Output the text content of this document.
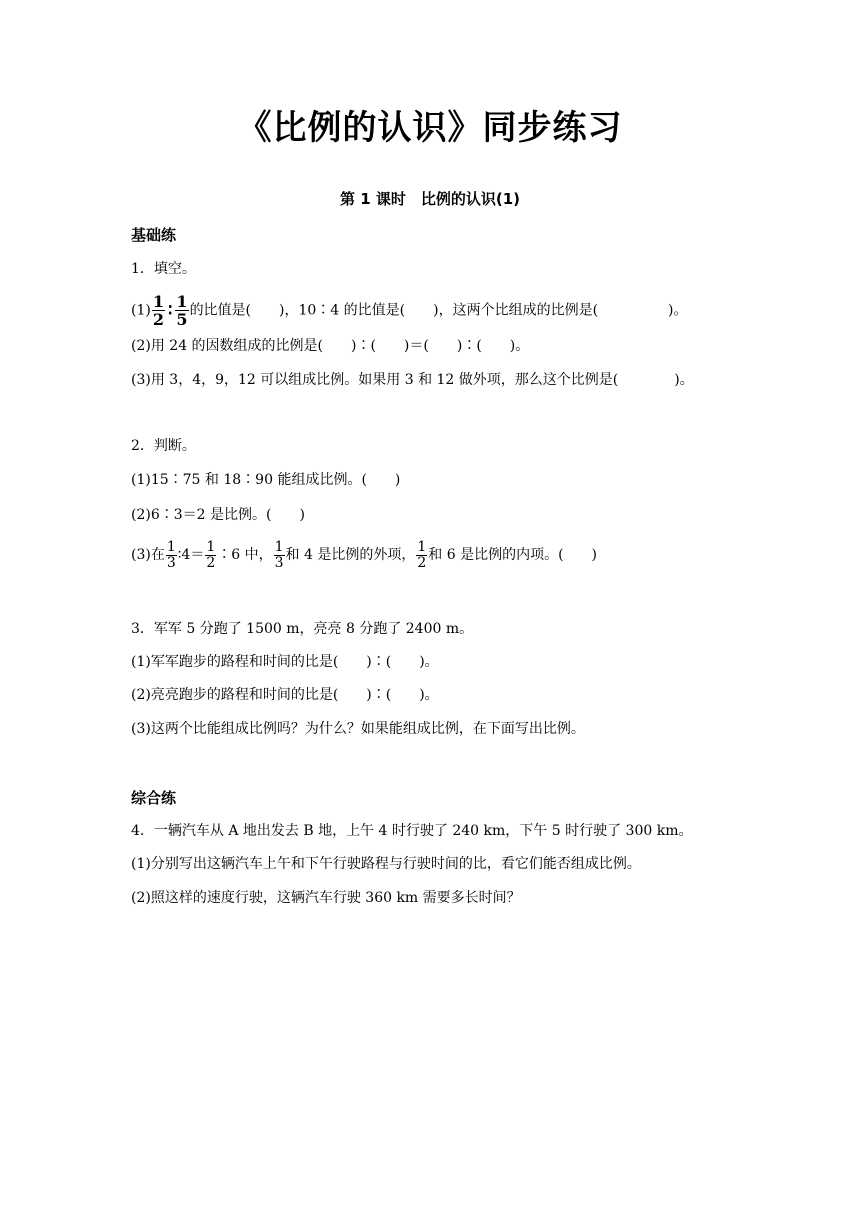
《比例的认识》同步练习

第 1 课时　比例的认识(1)

基础练

1．填空。

$(1) \frac{1}{2}$ ∶ $\frac{1}{5}$ 的比值是(　　)，10∶4 的比值是(　　)，这两个比组成的比例是(　　　　　)。

(2)用 24 的因数组成的比例是(　　)∶(　　)＝(　　)∶(　　)。

(3)用 3，4，9，12 可以组成比例。如果用 3 和 12 做外项，那么这个比例是(　　　　)。

2．判断。

(1)15∶75 和 18∶90 能组成比例。(　　)

(2)6∶3＝2 是比例。(　　)

(3)在 $\frac{1}{3}$ ∶4＝ $\frac{1}{2}$ ∶6 中， $\frac{1}{3}$ 和 4 是比例的外项， $\frac{1}{2}$ 和 6 是比例的内项。(　　)

3．军军 5 分跑了 1500 m，亮亮 8 分跑了 2400 m。

(1)军军跑步的路程和时间的比是(　　)∶(　　)。

(2)亮亮跑步的路程和时间的比是(　　)∶(　　)。

(3)这两个比能组成比例吗？为什么？如果能组成比例，在下面写出比例。

综合练

4．一辆汽车从 A 地出发去 B 地，上午 4 时行驶了 240 km，下午 5 时行驶了 300 km。

(1)分别写出这辆汽车上午和下午行驶路程与行驶时间的比，看它们能否组成比例。

(2)照这样的速度行驶，这辆汽车行驶 360 km 需要多长时间？
